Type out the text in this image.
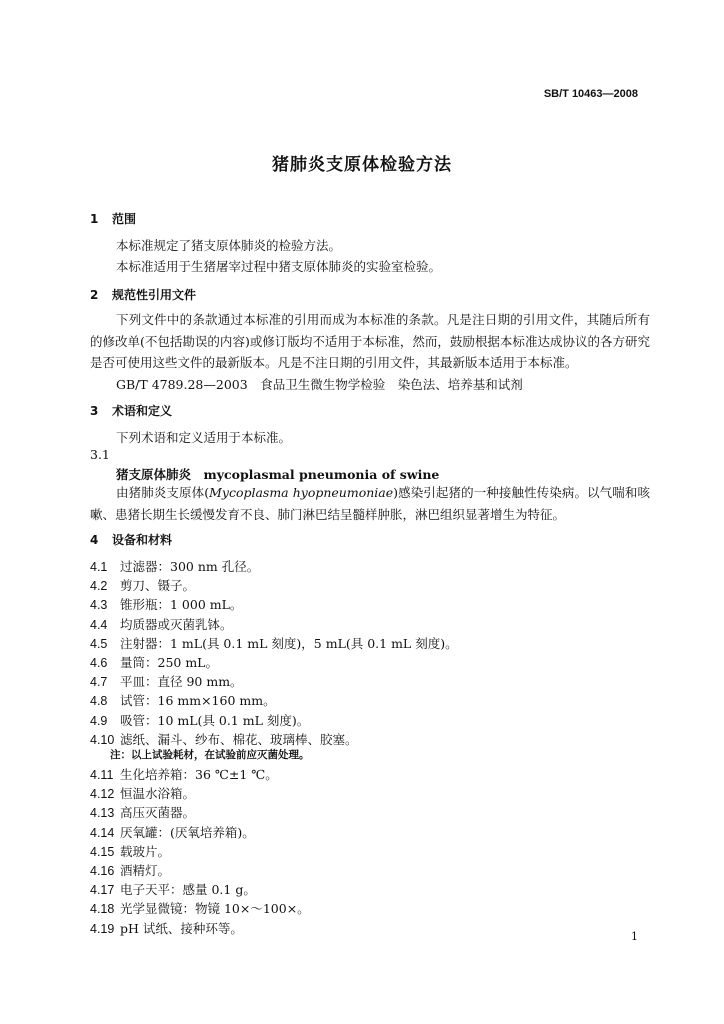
SB/T 10463—2008
猪肺炎支原体检验方法
1 范围
本标准规定了猪支原体肺炎的检验方法。
本标准适用于生猪屠宰过程中猪支原体肺炎的实验室检验。
2 规范性引用文件
下列文件中的条款通过本标准的引用而成为本标准的条款。凡是注日期的引用文件，其随后所有的修改单(不包括勘误的内容)或修订版均不适用于本标准，然而，鼓励根据本标准达成协议的各方研究是否可使用这些文件的最新版本。凡是不注日期的引用文件，其最新版本适用于本标准。
GB/T 4789.28—2003　食品卫生微生物学检验　染色法、培养基和试剂
3 术语和定义
下列术语和定义适用于本标准。
3.1
猪支原体肺炎　mycoplasmal pneumonia of swine
由猪肺炎支原体(Mycoplasma hyopneumoniae)感染引起猪的一种接触性传染病。以气喘和咳嗽、患猪长期生长缓慢发育不良、肺门淋巴结呈髓样肿胀，淋巴组织显著增生为特征。
4 设备和材料
4.1 过滤器：300 nm 孔径。
4.2 剪刀、镊子。
4.3 锥形瓶：1 000 mL。
4.4 均质器或灭菌乳钵。
4.5 注射器：1 mL(具 0.1 mL 刻度)，5 mL(具 0.1 mL 刻度)。
4.6 量筒：250 mL。
4.7 平皿：直径 90 mm。
4.8 试管：16 mm×160 mm。
4.9 吸管：10 mL(具 0.1 mL 刻度)。
4.10 滤纸、漏斗、纱布、棉花、玻璃棒、胶塞。
注：以上试验耗材，在试验前应灭菌处理。
4.11 生化培养箱：36 ℃±1 ℃。
4.12 恒温水浴箱。
4.13 高压灭菌器。
4.14 厌氧罐：(厌氧培养箱)。
4.15 载玻片。
4.16 酒精灯。
4.17 电子天平：感量 0.1 g。
4.18 光学显微镜：物镜 10×～100×。
4.19 pH 试纸、接种环等。
1
